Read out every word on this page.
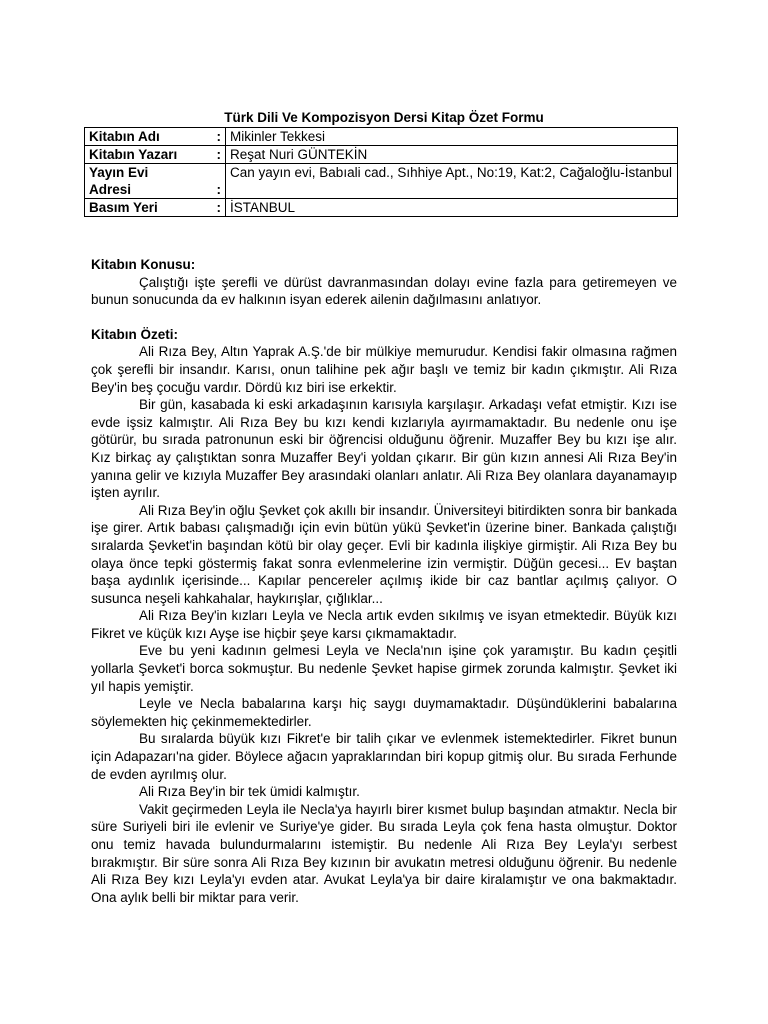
Türk Dili Ve Kompozisyon Dersi Kitap Özet Formu
Kitabın Adı :	Mikinler Tekkesi

Kitabın Yazarı :	Reşat Nuri GÜNTEKİN

Yayın Evi Adresi :	Can yayın evi, Babıali cad., Sıhhiye Apt., No:19, Kat:2, Cağaloğlu-İstanbul

Basım Yeri :	İSTANBUL
Kitabın Konusu:

Çalıştığı işte şerefli ve dürüst davranmasından dolayı evine fazla para getiremeyen ve bunun sonucunda da ev halkının isyan ederek ailenin dağılmasını anlatıyor.

Kitabın Özeti:

Ali Rıza Bey, Altın Yaprak A.Ş.'de bir mülkiye memurudur. Kendisi fakir olmasına rağmen çok şerefli bir insandır. Karısı, onun talihine pek ağır başlı ve temiz bir kadın çıkmıştır. Ali Rıza Bey'in beş çocuğu vardır. Dördü kız biri ise erkektir.

Bir gün, kasabada ki eski arkadaşının karısıyla karşılaşır. Arkadaşı vefat etmiştir. Kızı ise evde işsiz kalmıştır. Ali Rıza Bey bu kızı kendi kızlarıyla ayırmamaktadır. Bu nedenle onu işe götürür, bu sırada patronunun eski bir öğrencisi olduğunu öğrenir. Muzaffer Bey bu kızı işe alır. Kız birkaç ay çalıştıktan sonra Muzaffer Bey'i yoldan çıkarır. Bir gün kızın annesi Ali Rıza Bey'in yanına gelir ve kızıyla Muzaffer Bey arasındaki olanları anlatır. Ali Rıza Bey olanlara dayanamayıp işten ayrılır.

Ali Rıza Bey'in oğlu Şevket çok akıllı bir insandır. Üniversiteyi bitirdikten sonra bir bankada işe girer. Artık babası çalışmadığı için evin bütün yükü Şevket'in üzerine biner. Bankada çalıştığı sıralarda Şevket'in başından kötü bir olay geçer. Evli bir kadınla ilişkiye girmiştir. Ali Rıza Bey bu olaya önce tepki göstermiş fakat sonra evlenmelerine izin vermiştir. Düğün gecesi... Ev baştan başa aydınlık içerisinde... Kapılar pencereler açılmış ikide bir caz bantlar açılmış çalıyor. O susunca neşeli kahkahalar, haykırışlar, çığlıklar...

Ali Rıza Bey'in kızları Leyla ve Necla artık evden sıkılmış ve isyan etmektedir. Büyük kızı Fikret ve küçük kızı Ayşe ise hiçbir şeye karsı çıkmamaktadır.

Eve bu yeni kadının gelmesi Leyla ve Necla'nın işine çok yaramıştır. Bu kadın çeşitli yollarla Şevket'i borca sokmuştur. Bu nedenle Şevket hapise girmek zorunda kalmıştır. Şevket iki yıl hapis yemiştir.

Leyle ve Necla babalarına karşı hiç saygı duymamaktadır. Düşündüklerini babalarına söylemekten hiç çekinmemektedirler.

Bu sıralarda büyük kızı Fikret'e bir talih çıkar ve evlenmek istemektedirler. Fikret bunun için Adapazarı'na gider. Böylece ağacın yapraklarından biri kopup gitmiş olur. Bu sırada Ferhunde de evden ayrılmış olur.

Ali Rıza Bey'in bir tek ümidi kalmıştır.

Vakit geçirmeden Leyla ile Necla'ya hayırlı birer kısmet bulup başından atmaktır. Necla bir süre Suriyeli biri ile evlenir ve Suriye'ye gider. Bu sırada Leyla çok fena hasta olmuştur. Doktor onu temiz havada bulundurmalarını istemiştir. Bu nedenle Ali Rıza Bey Leyla'yı serbest bırakmıştır. Bir süre sonra Ali Rıza Bey kızının bir avukatın metresi olduğunu öğrenir. Bu nedenle Ali Rıza Bey kızı Leyla'yı evden atar. Avukat Leyla'ya bir daire kiralamıştır ve ona bakmaktadır. Ona aylık belli bir miktar para verir.
